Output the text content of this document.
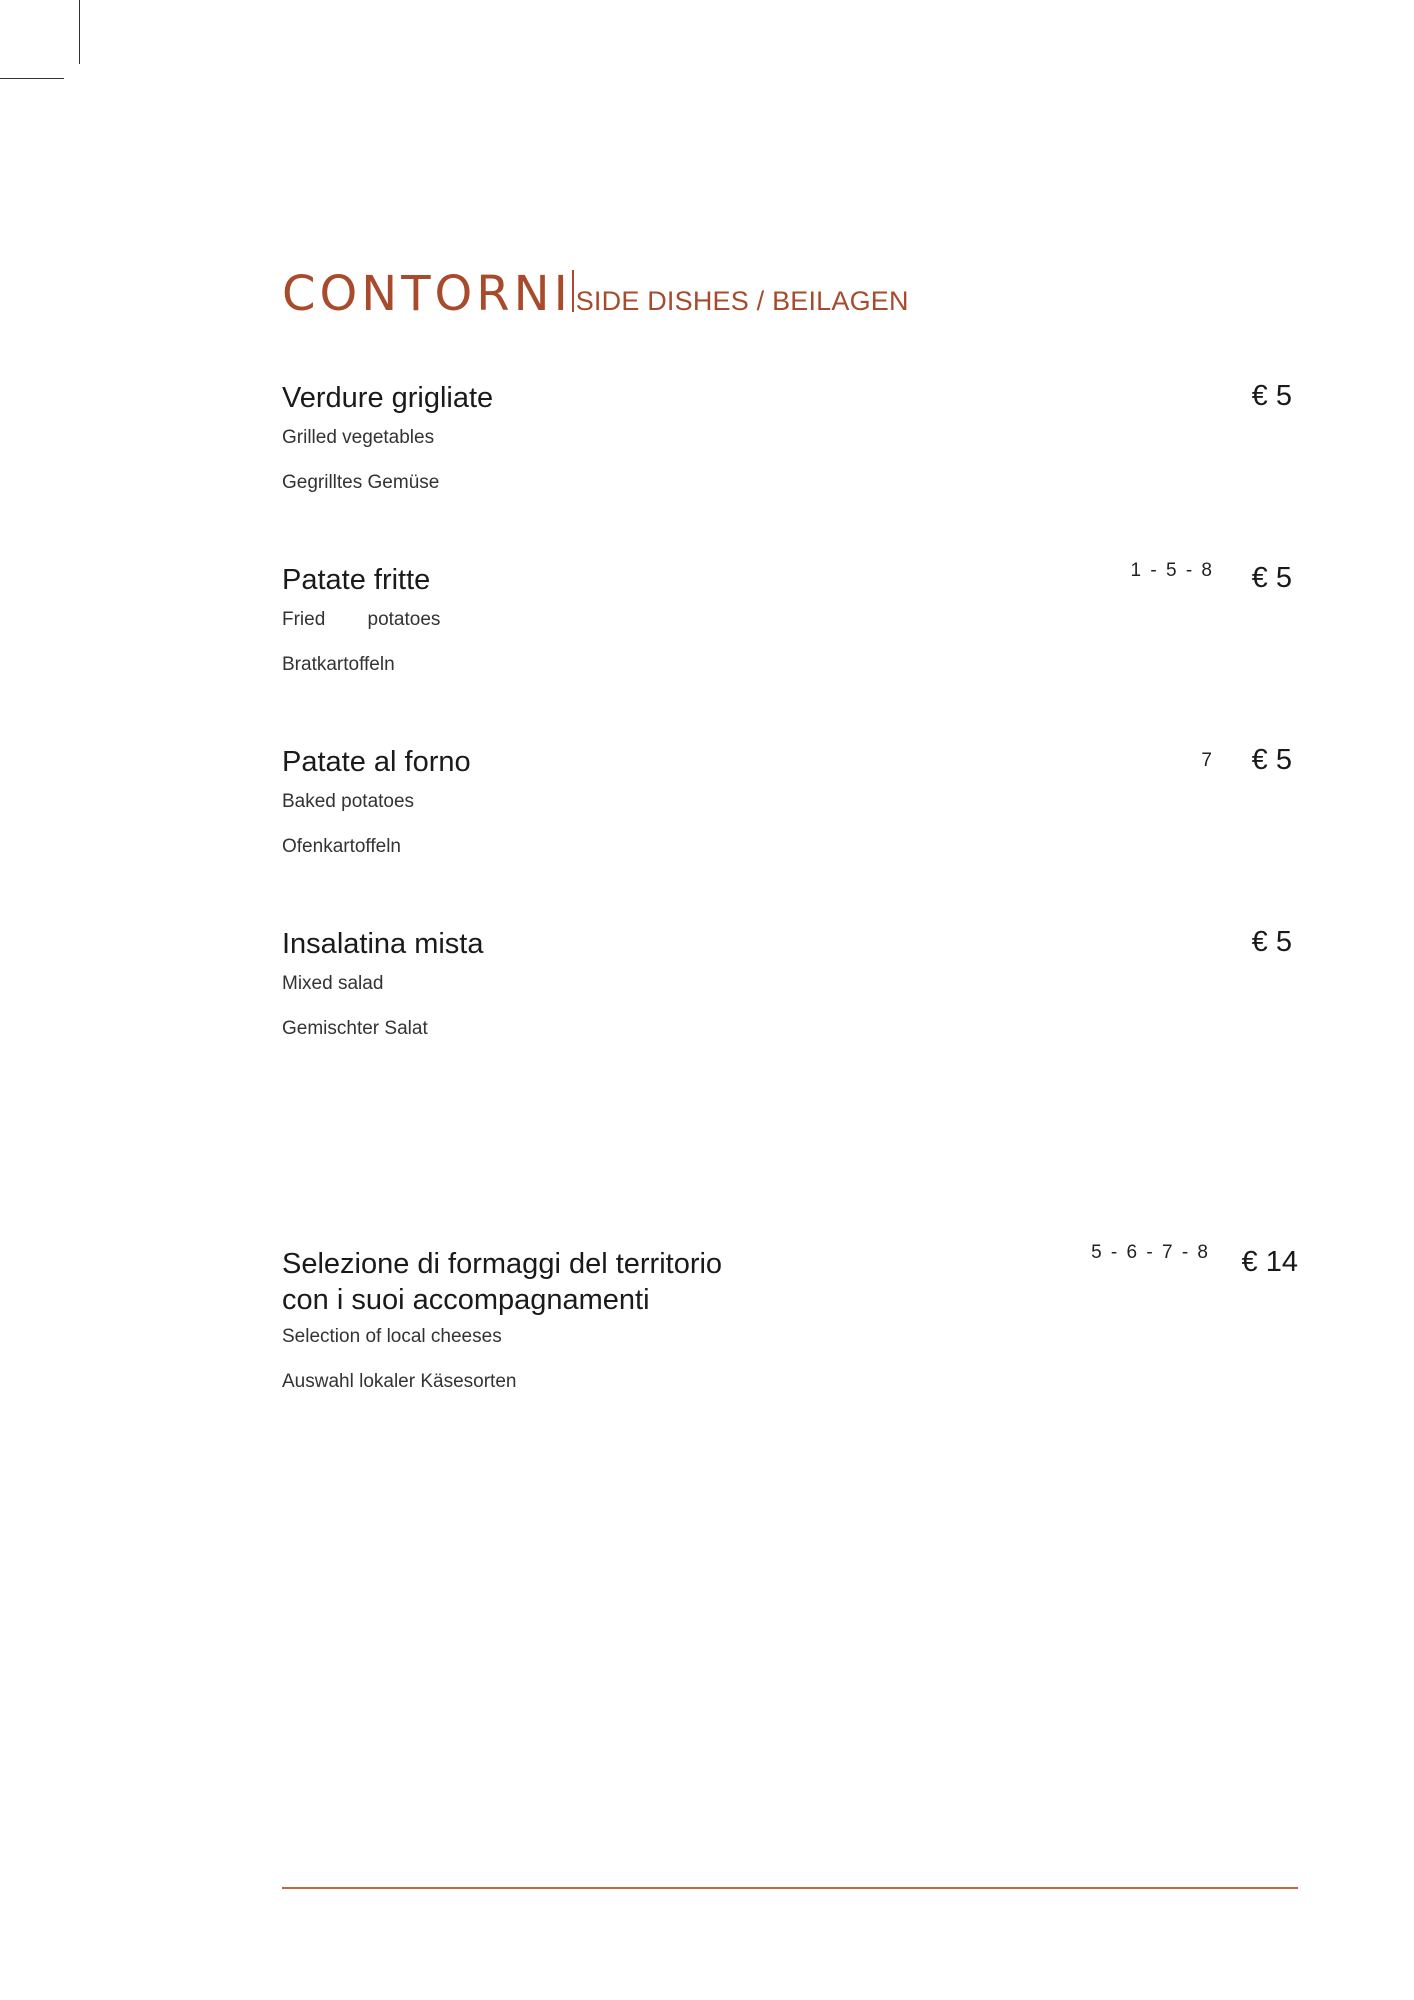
CONTORNI SIDE DISHES / BEILAGEN
Verdure grigliate
Grilled vegetables
Gegrilltes Gemüse
€ 5
Patate fritte
Fried        potatoes
Bratkartoffeln
1 - 5 - 8 € 5
Patate al forno
Baked potatoes
Ofenkartoffeln
7 € 5
Insalatina mista
Mixed salad
Gemischter Salat
€ 5
Selezione di formaggi del territorio
con i suoi accompagnamenti
Selection of local cheeses
Auswahl lokaler Käsesorten
5 - 6 - 7 - 8 € 14
